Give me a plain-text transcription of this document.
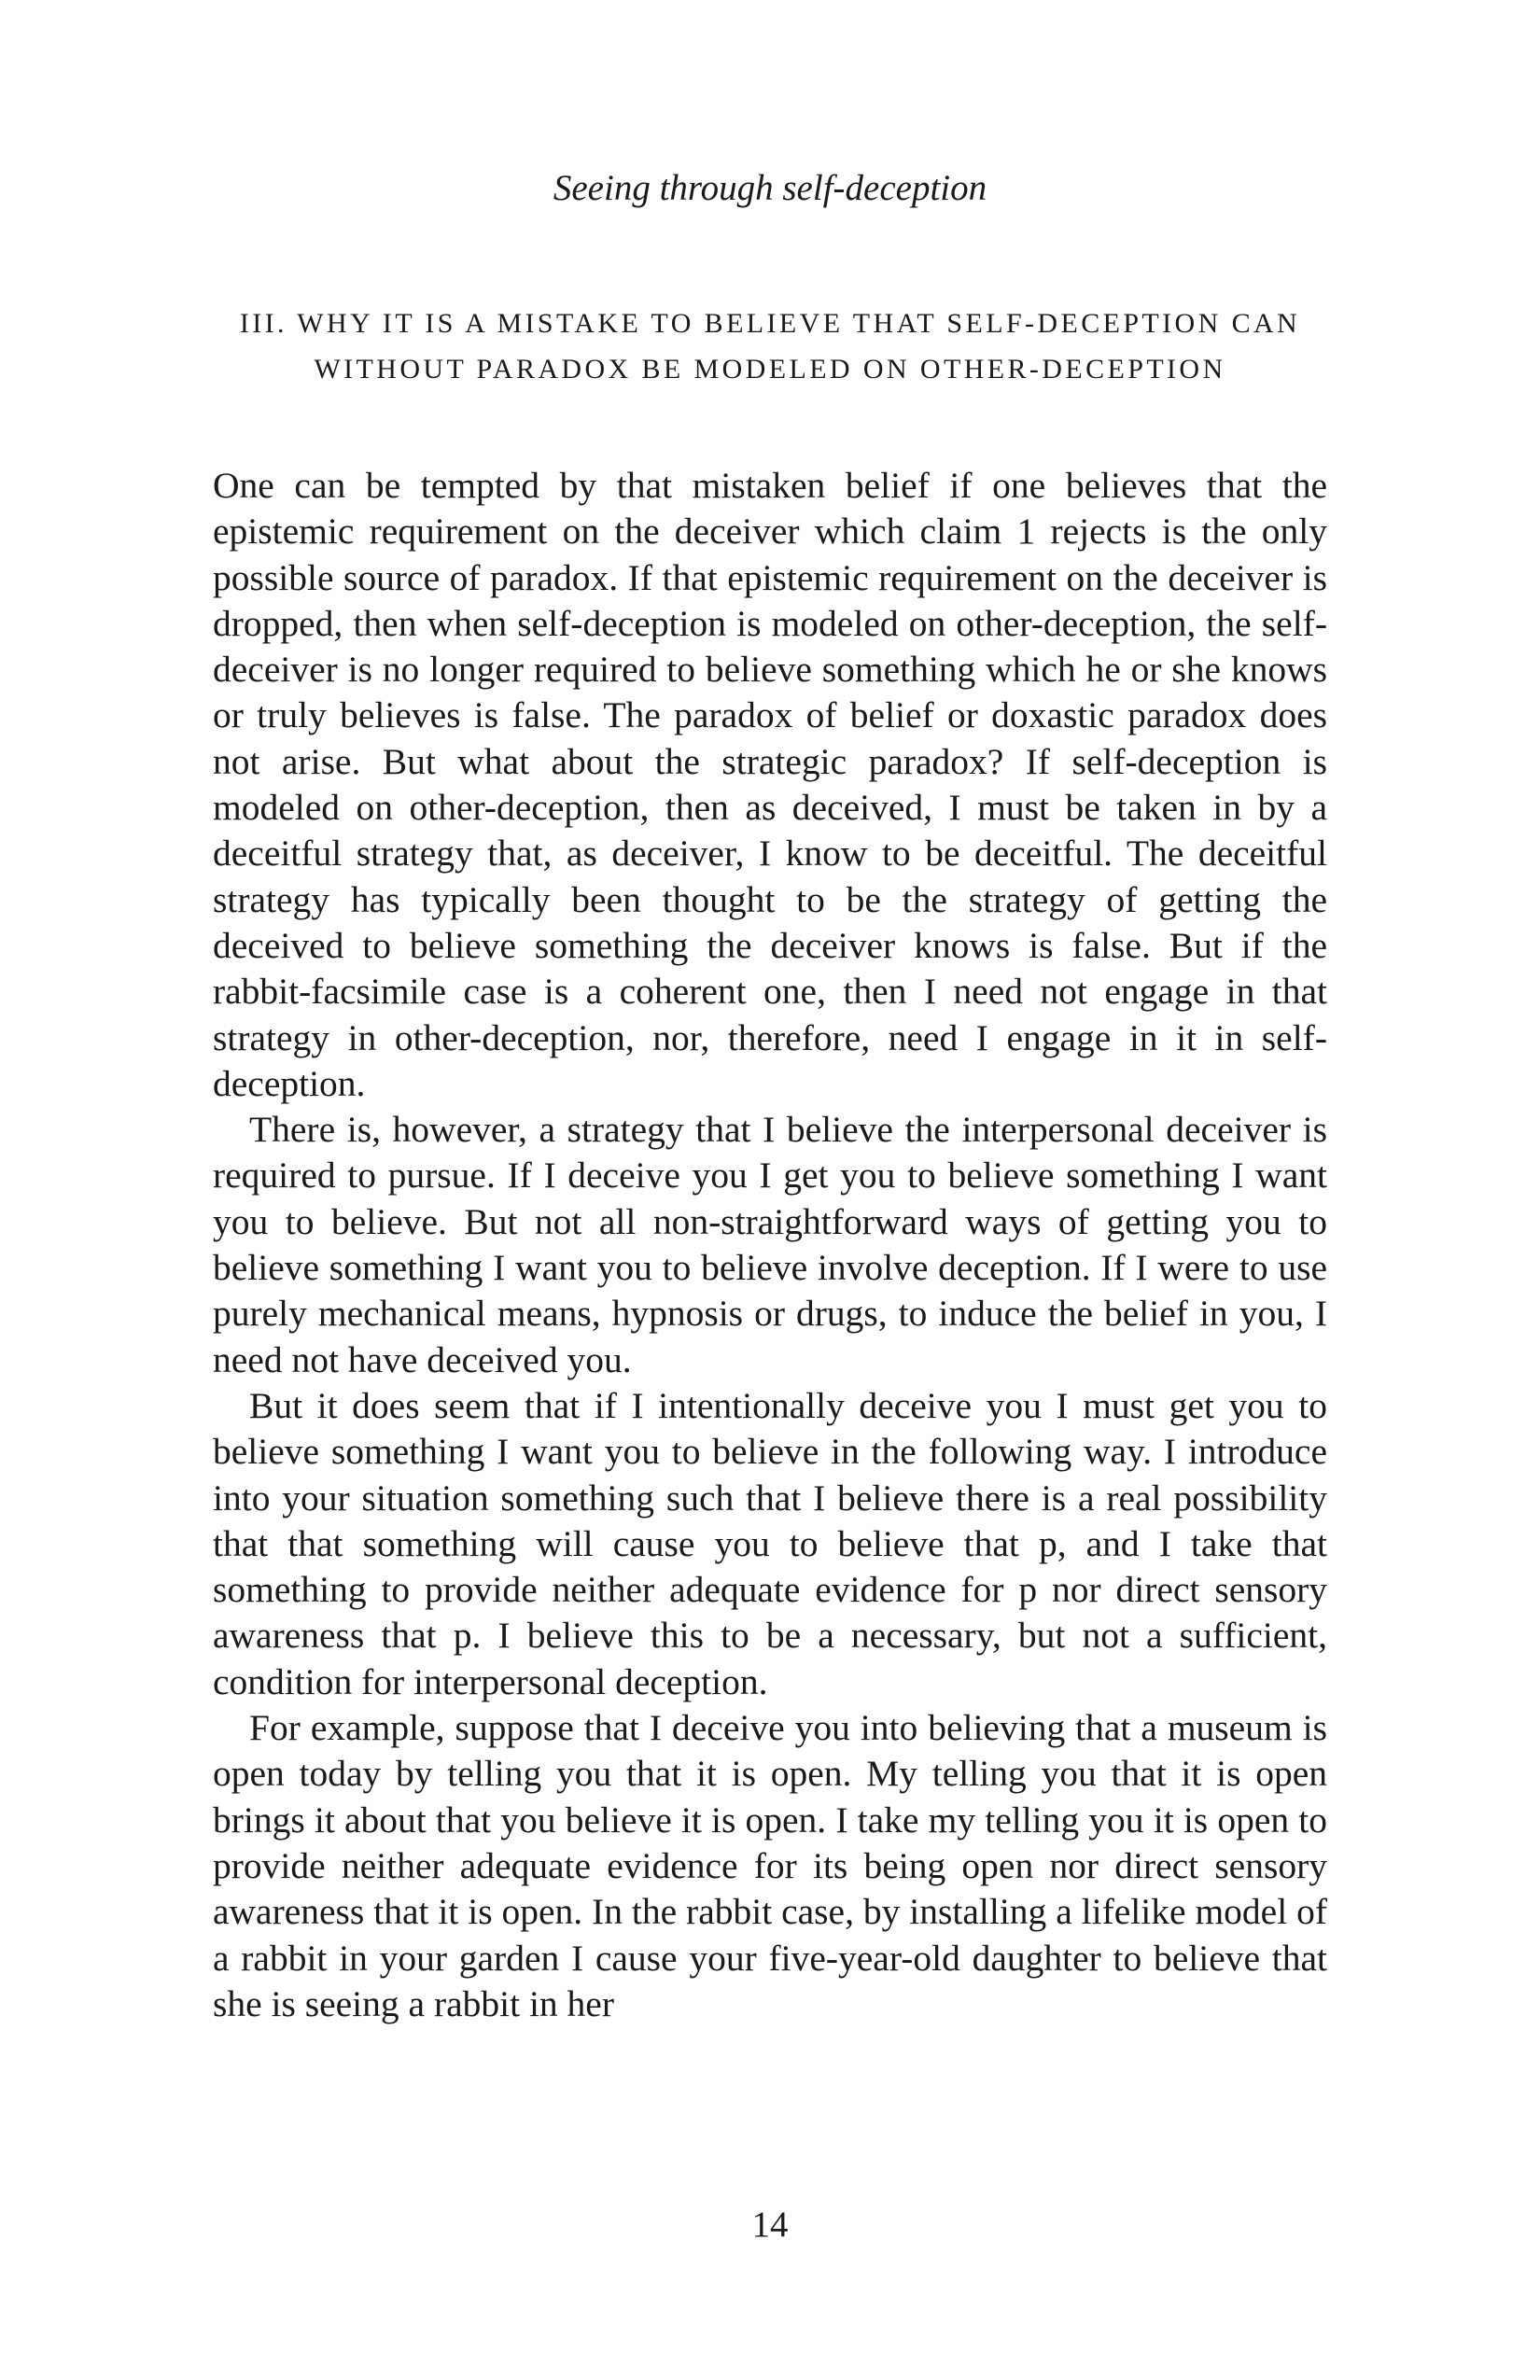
Seeing through self-deception
III. WHY IT IS A MISTAKE TO BELIEVE THAT SELF-DECEPTION CAN WITHOUT PARADOX BE MODELED ON OTHER-DECEPTION

One can be tempted by that mistaken belief if one believes that the epistemic requirement on the deceiver which claim 1 rejects is the only possible source of paradox. If that epistemic requirement on the deceiver is dropped, then when self-deception is modeled on other-deception, the self-deceiver is no longer required to believe something which he or she knows or truly believes is false. The paradox of belief or doxastic paradox does not arise. But what about the strategic paradox? If self-deception is modeled on other-deception, then as deceived, I must be taken in by a deceitful strategy that, as deceiver, I know to be deceitful. The deceitful strategy has typically been thought to be the strategy of getting the deceived to believe something the deceiver knows is false. But if the rabbit-facsimile case is a coherent one, then I need not engage in that strategy in other-deception, nor, therefore, need I engage in it in self-deception.

There is, however, a strategy that I believe the interpersonal deceiver is required to pursue. If I deceive you I get you to believe something I want you to believe. But not all non-straightforward ways of getting you to believe something I want you to believe involve deception. If I were to use purely mechanical means, hypnosis or drugs, to induce the belief in you, I need not have deceived you.

But it does seem that if I intentionally deceive you I must get you to believe something I want you to believe in the following way. I introduce into your situation something such that I believe there is a real possibility that that something will cause you to believe that p, and I take that something to provide neither adequate evidence for p nor direct sensory awareness that p. I believe this to be a necessary, but not a sufficient, condition for interpersonal deception.

For example, suppose that I deceive you into believing that a museum is open today by telling you that it is open. My telling you that it is open brings it about that you believe it is open. I take my telling you it is open to provide neither adequate evidence for its being open nor direct sensory awareness that it is open. In the rabbit case, by installing a lifelike model of a rabbit in your garden I cause your five-year-old daughter to believe that she is seeing a rabbit in her

14
